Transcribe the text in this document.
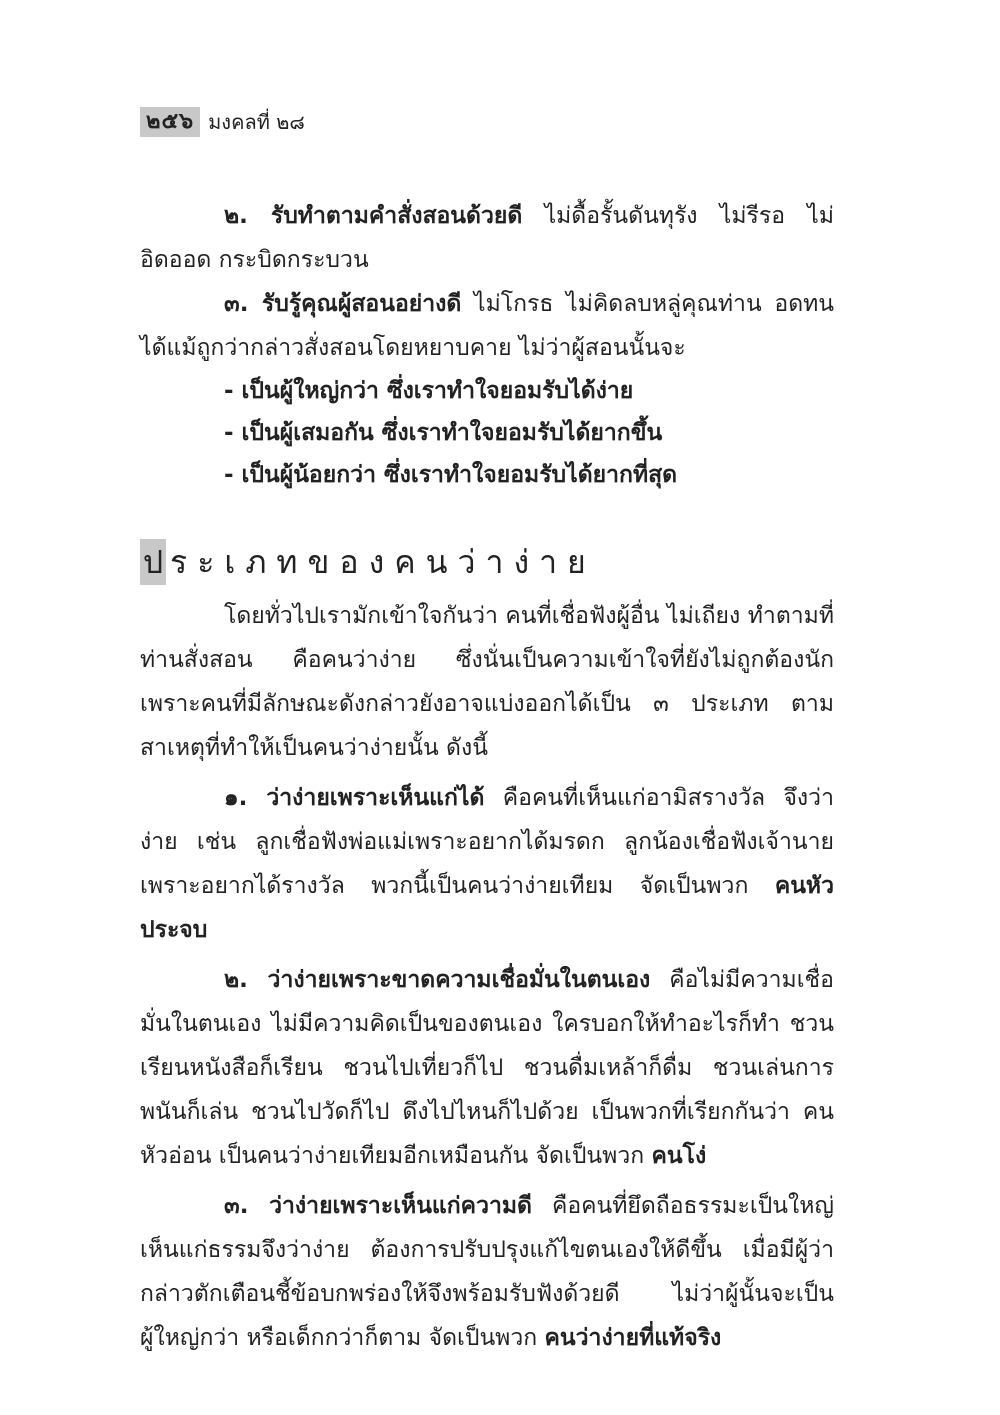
๒๕๖ มงคลที่ ๒๘

๒. รับทำตามคำสั่งสอนด้วยดี ไม่ดื้อรั้นดันทุรัง ไม่รีรอ ไม่อิดออด กระบิดกระบวน

๓. รับรู้คุณผู้สอนอย่างดี ไม่โกรธ ไม่คิดลบหลู่คุณท่าน อดทนได้แม้ถูกว่ากล่าวสั่งสอนโดยหยาบคาย ไม่ว่าผู้สอนนั้นจะ

- เป็นผู้ใหญ่กว่า ซึ่งเราทำใจยอมรับได้ง่าย

- เป็นผู้เสมอกัน ซึ่งเราทำใจยอมรับได้ยากขึ้น

- เป็นผู้น้อยกว่า ซึ่งเราทำใจยอมรับได้ยากที่สุด

ป ระเภทของคนว่าง่าย

โดยทั่วไปเรามักเข้าใจกันว่า คนที่เชื่อฟังผู้อื่น ไม่เถียง ทำตามที่ท่านสั่งสอน คือคนว่าง่าย ซึ่งนั่นเป็นความเข้าใจที่ยังไม่ถูกต้องนัก เพราะคนที่มีลักษณะดังกล่าวยังอาจแบ่งออกได้เป็น ๓ ประเภท ตามสาเหตุที่ทำให้เป็นคนว่าง่ายนั้น ดังนี้

๑. ว่าง่ายเพราะเห็นแก่ได้ คือคนที่เห็นแก่อามิสรางวัล จึงว่าง่าย เช่น ลูกเชื่อฟังพ่อแม่เพราะอยากได้มรดก ลูกน้องเชื่อฟังเจ้านายเพราะอยากได้รางวัล พวกนี้เป็นคนว่าง่ายเทียม จัดเป็นพวก คนหัวประจบ

๒. ว่าง่ายเพราะขาดความเชื่อมั่นในตนเอง คือไม่มีความเชื่อมั่นในตนเอง ไม่มีความคิดเป็นของตนเอง ใครบอกให้ทำอะไรก็ทำ ชวนเรียนหนังสือก็เรียน ชวนไปเที่ยวก็ไป ชวนดื่มเหล้าก็ดื่ม ชวนเล่นการพนันก็เล่น ชวนไปวัดก็ไป ดึงไปไหนก็ไปด้วย เป็นพวกที่เรียกกันว่า คนหัวอ่อน เป็นคนว่าง่ายเทียมอีกเหมือนกัน จัดเป็นพวก คนโง่

๓. ว่าง่ายเพราะเห็นแก่ความดี คือคนที่ยึดถือธรรมะเป็นใหญ่ เห็นแก่ธรรมจึงว่าง่าย ต้องการปรับปรุงแก้ไขตนเองให้ดีขึ้น เมื่อมีผู้ว่ากล่าวตักเตือนชี้ข้อบกพร่องให้จึงพร้อมรับฟังด้วยดี ไม่ว่าผู้นั้นจะเป็นผู้ใหญ่กว่า หรือเด็กกว่าก็ตาม จัดเป็นพวก คนว่าง่ายที่แท้จริง
